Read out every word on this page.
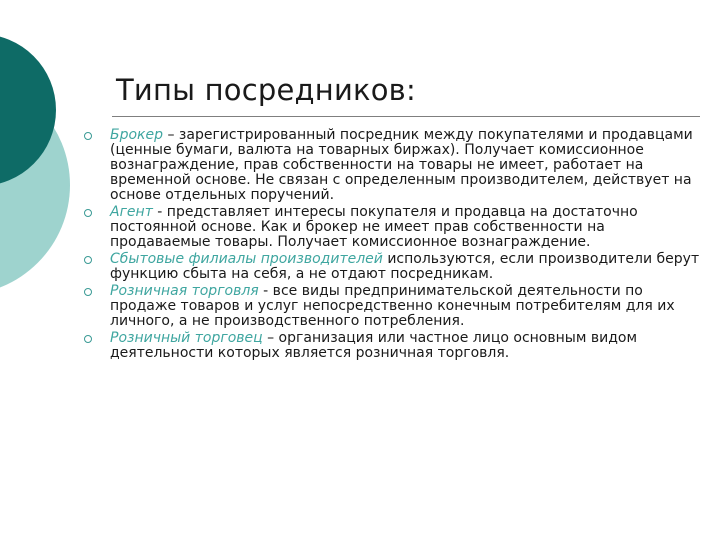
Типы посредников:
Брокер – зарегистрированный посредник между покупателями и продавцами (ценные бумаги, валюта на товарных биржах). Получает комиссионное вознаграждение, прав собственности на товары не имеет, работает на временной основе. Не связан с определенным производителем, действует на основе отдельных поручений.
Агент - представляет интересы покупателя и продавца на достаточно постоянной основе. Как и брокер не имеет прав собственности на продаваемые товары. Получает комиссионное вознаграждение.
Сбытовые филиалы производителей используются, если производители берут функцию сбыта на себя, а не отдают посредникам.
Розничная торговля - все виды предпринимательской деятельности по продаже товаров и услуг непосредственно конечным потребителям для их личного, а не производственного потребления.
Розничный торговец – организация или частное лицо основным видом деятельности которых является розничная торговля.
